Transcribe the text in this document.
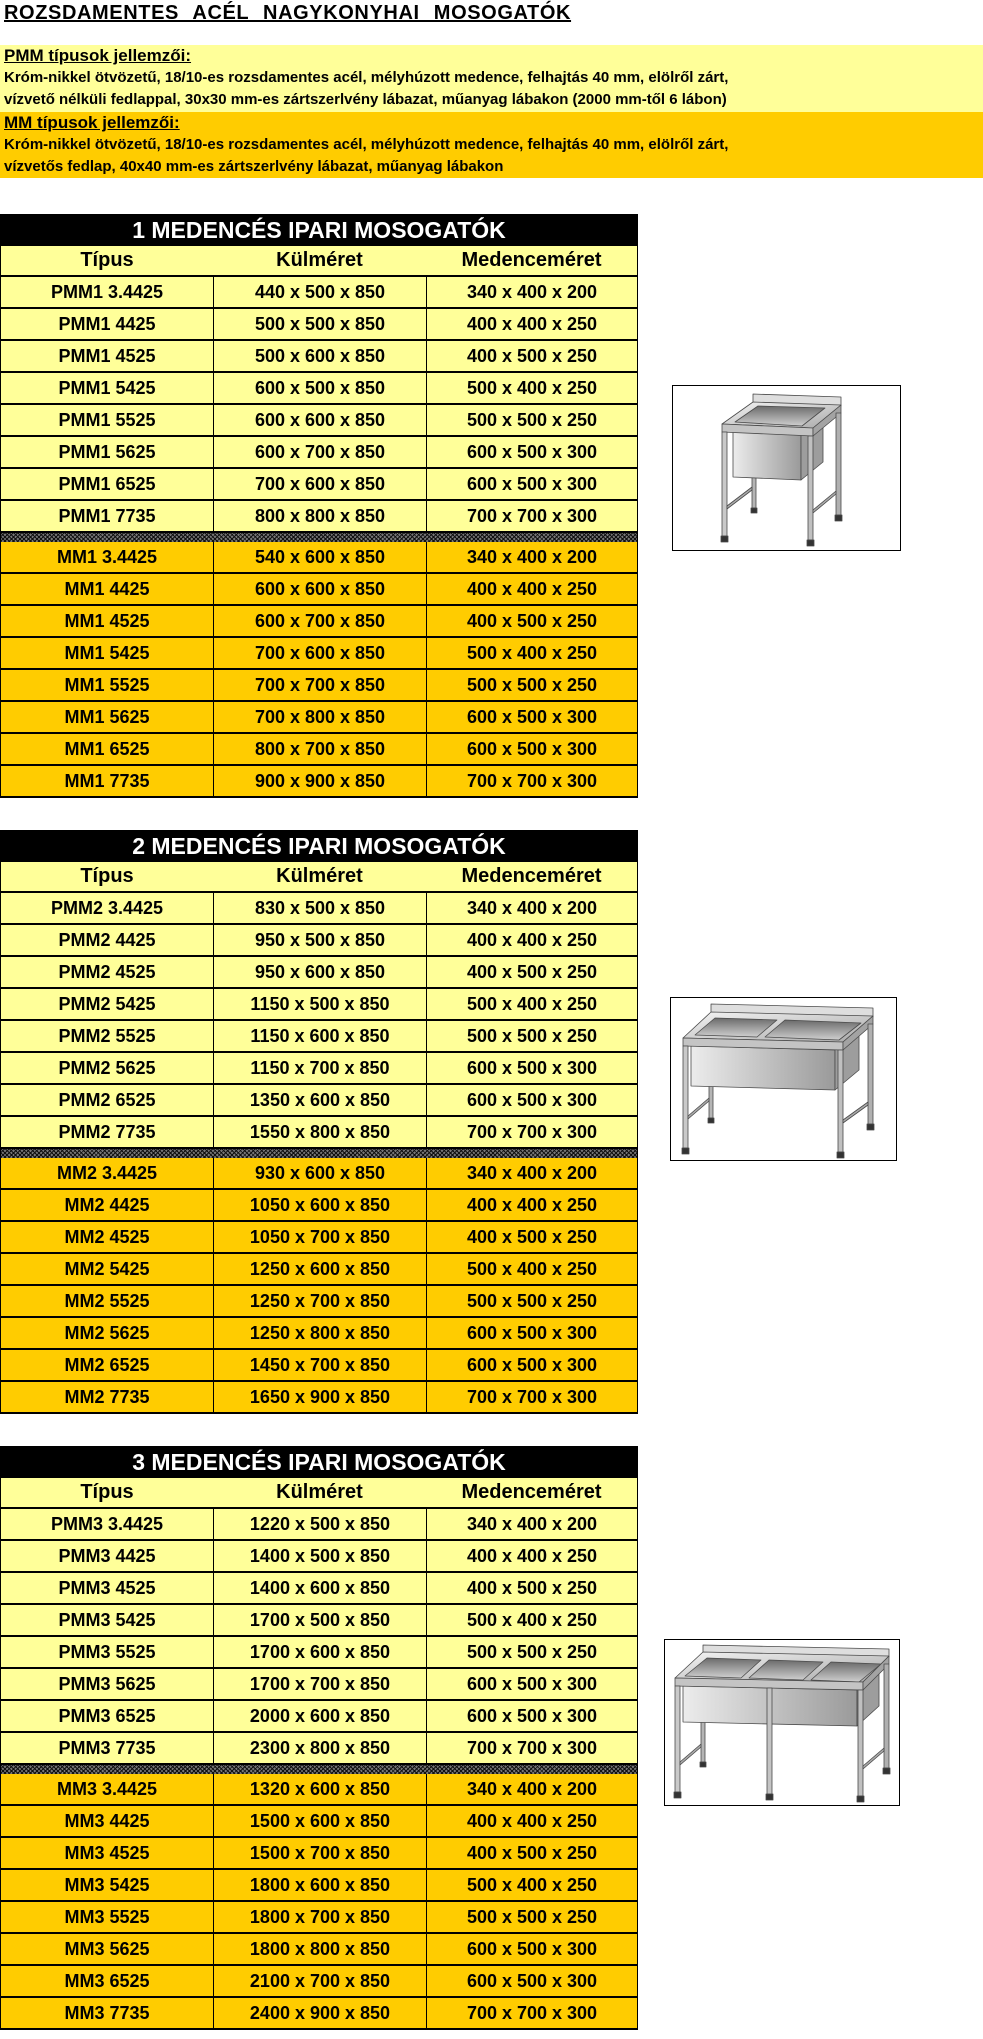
ROZSDAMENTES ACÉL NAGYKONYHAI MOSOGATÓK
PMM típusok jellemzői:
Króm-nikkel ötvözetű, 18/10-es rozsdamentes acél, mélyhúzott medence, felhajtás 40 mm, elölről zárt,
vízvető nélküli fedlappal, 30x30 mm-es zártszerlvény lábazat, műanyag lábakon (2000 mm-től 6 lábon)
MM típusok jellemzői:
Króm-nikkel ötvözetű, 18/10-es rozsdamentes acél, mélyhúzott medence, felhajtás 40 mm, elölről zárt,
vízvetős fedlap, 40x40 mm-es zártszerlvény lábazat, műanyag lábakon
1 MEDENCÉS IPARI MOSOGATÓK
Típus	Külméret	Medenceméret
PMM1 3.4425	440 x 500 x 850	340 x 400 x 200
PMM1 4425	500 x 500 x 850	400 x 400 x 250
PMM1 4525	500 x 600 x 850	400 x 500 x 250
PMM1 5425	600 x 500 x 850	500 x 400 x 250
PMM1 5525	600 x 600 x 850	500 x 500 x 250
PMM1 5625	600 x 700 x 850	600 x 500 x 300
PMM1 6525	700 x 600 x 850	600 x 500 x 300
PMM1 7735	800 x 800 x 850	700 x 700 x 300
MM1 3.4425	540 x 600 x 850	340 x 400 x 200
MM1 4425	600 x 600 x 850	400 x 400 x 250
MM1 4525	600 x 700 x 850	400 x 500 x 250
MM1 5425	700 x 600 x 850	500 x 400 x 250
MM1 5525	700 x 700 x 850	500 x 500 x 250
MM1 5625	700 x 800 x 850	600 x 500 x 300
MM1 6525	800 x 700 x 850	600 x 500 x 300
MM1 7735	900 x 900 x 850	700 x 700 x 300
2 MEDENCÉS IPARI MOSOGATÓK
Típus	Külméret	Medenceméret
PMM2 3.4425	830 x 500 x 850	340 x 400 x 200
PMM2 4425	950 x 500 x 850	400 x 400 x 250
PMM2 4525	950 x 600 x 850	400 x 500 x 250
PMM2 5425	1150 x 500 x 850	500 x 400 x 250
PMM2 5525	1150 x 600 x 850	500 x 500 x 250
PMM2 5625	1150 x 700 x 850	600 x 500 x 300
PMM2 6525	1350 x 600 x 850	600 x 500 x 300
PMM2 7735	1550 x 800 x 850	700 x 700 x 300
MM2 3.4425	930 x 600 x 850	340 x 400 x 200
MM2 4425	1050 x 600 x 850	400 x 400 x 250
MM2 4525	1050 x 700 x 850	400 x 500 x 250
MM2 5425	1250 x 600 x 850	500 x 400 x 250
MM2 5525	1250 x 700 x 850	500 x 500 x 250
MM2 5625	1250 x 800 x 850	600 x 500 x 300
MM2 6525	1450 x 700 x 850	600 x 500 x 300
MM2 7735	1650 x 900 x 850	700 x 700 x 300
3 MEDENCÉS IPARI MOSOGATÓK
Típus	Külméret	Medenceméret
PMM3 3.4425	1220 x 500 x 850	340 x 400 x 200
PMM3 4425	1400 x 500 x 850	400 x 400 x 250
PMM3 4525	1400 x 600 x 850	400 x 500 x 250
PMM3 5425	1700 x 500 x 850	500 x 400 x 250
PMM3 5525	1700 x 600 x 850	500 x 500 x 250
PMM3 5625	1700 x 700 x 850	600 x 500 x 300
PMM3 6525	2000 x 600 x 850	600 x 500 x 300
PMM3 7735	2300 x 800 x 850	700 x 700 x 300
MM3 3.4425	1320 x 600 x 850	340 x 400 x 200
MM3 4425	1500 x 600 x 850	400 x 400 x 250
MM3 4525	1500 x 700 x 850	400 x 500 x 250
MM3 5425	1800 x 600 x 850	500 x 400 x 250
MM3 5525	1800 x 700 x 850	500 x 500 x 250
MM3 5625	1800 x 800 x 850	600 x 500 x 300
MM3 6525	2100 x 700 x 850	600 x 500 x 300
MM3 7735	2400 x 900 x 850	700 x 700 x 300
